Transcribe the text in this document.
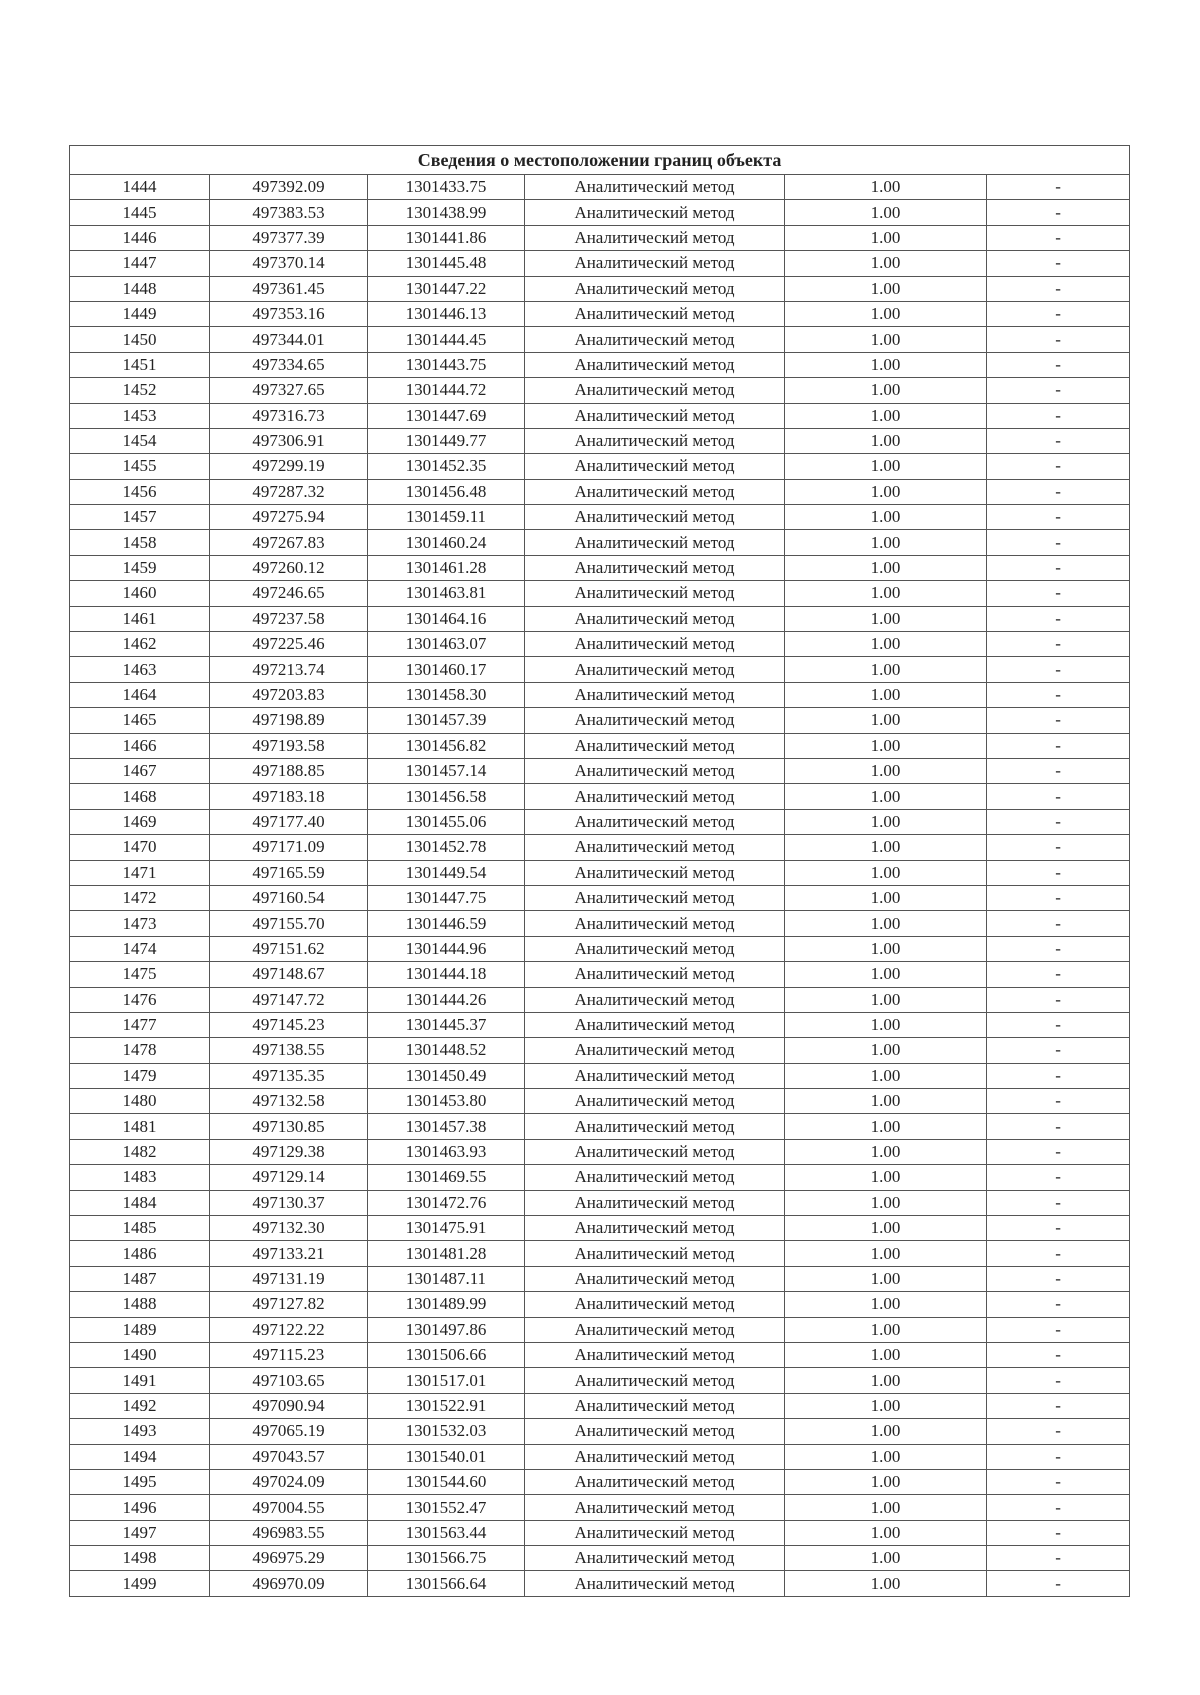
Сведения о местоположении границ объекта					
1444	497392.09	1301433.75	Аналитический метод	1.00	-
1445	497383.53	1301438.99	Аналитический метод	1.00	-
1446	497377.39	1301441.86	Аналитический метод	1.00	-
1447	497370.14	1301445.48	Аналитический метод	1.00	-
1448	497361.45	1301447.22	Аналитический метод	1.00	-
1449	497353.16	1301446.13	Аналитический метод	1.00	-
1450	497344.01	1301444.45	Аналитический метод	1.00	-
1451	497334.65	1301443.75	Аналитический метод	1.00	-
1452	497327.65	1301444.72	Аналитический метод	1.00	-
1453	497316.73	1301447.69	Аналитический метод	1.00	-
1454	497306.91	1301449.77	Аналитический метод	1.00	-
1455	497299.19	1301452.35	Аналитический метод	1.00	-
1456	497287.32	1301456.48	Аналитический метод	1.00	-
1457	497275.94	1301459.11	Аналитический метод	1.00	-
1458	497267.83	1301460.24	Аналитический метод	1.00	-
1459	497260.12	1301461.28	Аналитический метод	1.00	-
1460	497246.65	1301463.81	Аналитический метод	1.00	-
1461	497237.58	1301464.16	Аналитический метод	1.00	-
1462	497225.46	1301463.07	Аналитический метод	1.00	-
1463	497213.74	1301460.17	Аналитический метод	1.00	-
1464	497203.83	1301458.30	Аналитический метод	1.00	-
1465	497198.89	1301457.39	Аналитический метод	1.00	-
1466	497193.58	1301456.82	Аналитический метод	1.00	-
1467	497188.85	1301457.14	Аналитический метод	1.00	-
1468	497183.18	1301456.58	Аналитический метод	1.00	-
1469	497177.40	1301455.06	Аналитический метод	1.00	-
1470	497171.09	1301452.78	Аналитический метод	1.00	-
1471	497165.59	1301449.54	Аналитический метод	1.00	-
1472	497160.54	1301447.75	Аналитический метод	1.00	-
1473	497155.70	1301446.59	Аналитический метод	1.00	-
1474	497151.62	1301444.96	Аналитический метод	1.00	-
1475	497148.67	1301444.18	Аналитический метод	1.00	-
1476	497147.72	1301444.26	Аналитический метод	1.00	-
1477	497145.23	1301445.37	Аналитический метод	1.00	-
1478	497138.55	1301448.52	Аналитический метод	1.00	-
1479	497135.35	1301450.49	Аналитический метод	1.00	-
1480	497132.58	1301453.80	Аналитический метод	1.00	-
1481	497130.85	1301457.38	Аналитический метод	1.00	-
1482	497129.38	1301463.93	Аналитический метод	1.00	-
1483	497129.14	1301469.55	Аналитический метод	1.00	-
1484	497130.37	1301472.76	Аналитический метод	1.00	-
1485	497132.30	1301475.91	Аналитический метод	1.00	-
1486	497133.21	1301481.28	Аналитический метод	1.00	-
1487	497131.19	1301487.11	Аналитический метод	1.00	-
1488	497127.82	1301489.99	Аналитический метод	1.00	-
1489	497122.22	1301497.86	Аналитический метод	1.00	-
1490	497115.23	1301506.66	Аналитический метод	1.00	-
1491	497103.65	1301517.01	Аналитический метод	1.00	-
1492	497090.94	1301522.91	Аналитический метод	1.00	-
1493	497065.19	1301532.03	Аналитический метод	1.00	-
1494	497043.57	1301540.01	Аналитический метод	1.00	-
1495	497024.09	1301544.60	Аналитический метод	1.00	-
1496	497004.55	1301552.47	Аналитический метод	1.00	-
1497	496983.55	1301563.44	Аналитический метод	1.00	-
1498	496975.29	1301566.75	Аналитический метод	1.00	-
1499	496970.09	1301566.64	Аналитический метод	1.00	-
